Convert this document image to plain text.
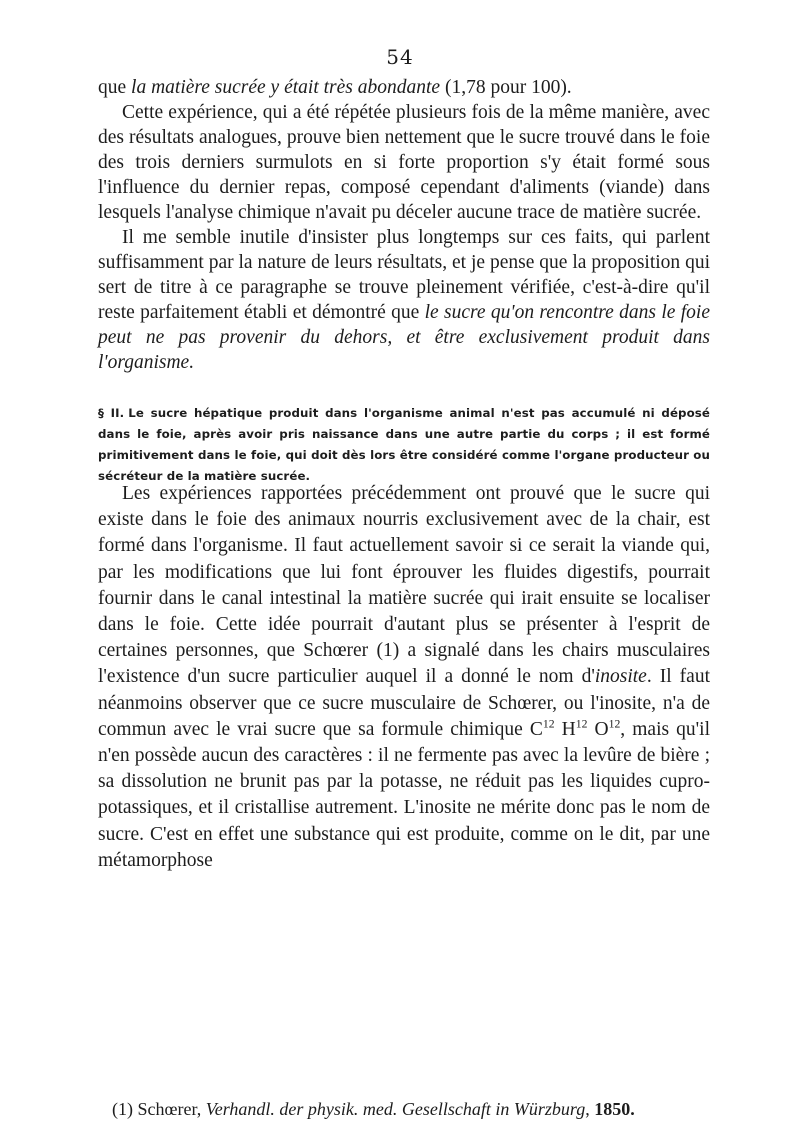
54

que la matière sucrée y était très abondante (1,78 pour 100).

Cette expérience, qui a été répétée plusieurs fois de la même manière, avec des résultats analogues, prouve bien nettement que le sucre trouvé dans le foie des trois derniers surmulots en si forte proportion s'y était formé sous l'influence du dernier repas, composé cependant d'aliments (viande) dans lesquels l'analyse chimique n'avait pu déceler aucune trace de matière sucrée.

Il me semble inutile d'insister plus longtemps sur ces faits, qui parlent suffisamment par la nature de leurs résultats, et je pense que la proposition qui sert de titre à ce paragraphe se trouve pleinement vérifiée, c'est-à-dire qu'il reste parfaitement établi et démontré que le sucre qu'on rencontre dans le foie peut ne pas provenir du dehors, et être exclusivement produit dans l'organisme.

§ II. Le sucre hépatique produit dans l'organisme animal n'est pas accumulé ni déposé dans le foie, après avoir pris naissance dans une autre partie du corps ; il est formé primitivement dans le foie, qui doit dès lors être considéré comme l'organe producteur ou sécréteur de la matière sucrée.

Les expériences rapportées précédemment ont prouvé que le sucre qui existe dans le foie des animaux nourris exclusivement avec de la chair, est formé dans l'organisme. Il faut actuellement savoir si ce serait la viande qui, par les modifications que lui font éprouver les fluides digestifs, pourrait fournir dans le canal intestinal la matière sucrée qui irait ensuite se localiser dans le foie. Cette idée pourrait d'autant plus se présenter à l'esprit de certaines personnes, que Schœrer (1) a signalé dans les chairs musculaires l'existence d'un sucre particulier auquel il a donné le nom d'inosite. Il faut néanmoins observer que ce sucre musculaire de Schœrer, ou l'inosite, n'a de commun avec le vrai sucre que sa formule chimique $C^{12}$ $H^{12}$ $O^{12}$, mais qu'il n'en possède aucun des caractères : il ne fermente pas avec la levûre de bière ; sa dissolution ne brunit pas par la potasse, ne réduit pas les liquides cupro-potassiques, et il cristallise autrement. L'inosite ne mérite donc pas le nom de sucre. C'est en effet une substance qui est produite, comme on le dit, par une métamorphose

(1) Schœrer, Verhandl. der physik. med. Gesellschaft in Würzburg, 1850.
